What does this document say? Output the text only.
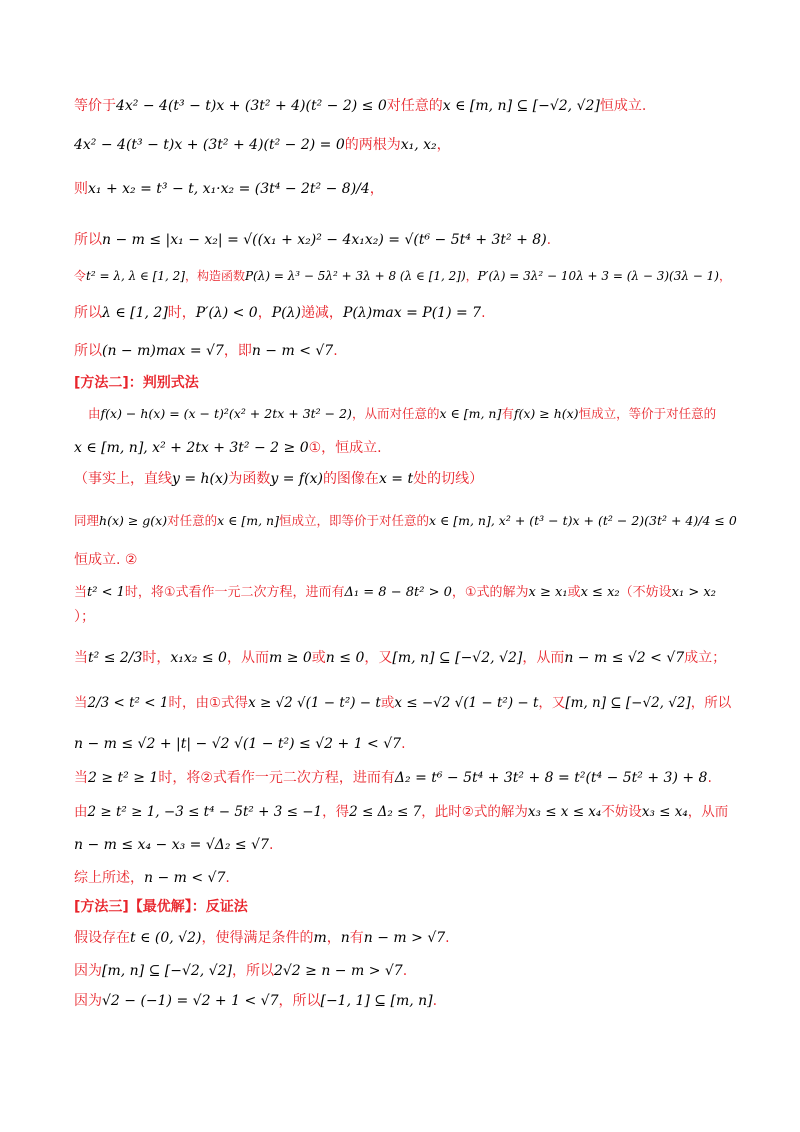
等价于4x² − 4(t³ − t)x + (3t² + 4)(t² − 2) ≤ 0对任意的x ∈ [m, n] ⊆ [−√2, √2]恒成立.
4x² − 4(t³ − t)x + (3t² + 4)(t² − 2) = 0的两根为x₁, x₂，
则x₁ + x₂ = t³ − t, x₁·x₂ = (3t⁴ − 2t² − 8)/4，
所以n − m ≤ |x₁ − x₂| = √((x₁ + x₂)² − 4x₁x₂) = √(t⁶ − 5t⁴ + 3t² + 8).
令t² = λ, λ ∈ [1, 2]，构造函数P(λ) = λ³ − 5λ² + 3λ + 8 (λ ∈ [1, 2])，P′(λ) = 3λ² − 10λ + 3 = (λ − 3)(3λ − 1)，
所以λ ∈ [1, 2]时，P′(λ) < 0，P(λ)递减，P(λ)max = P(1) = 7.
所以(n − m)max = √7，即n − m < √7.
[方法二]：判别式法
由f(x) − h(x) = (x − t)²(x² + 2tx + 3t² − 2)，从而对任意的x ∈ [m, n]有f(x) ≥ h(x)恒成立，等价于对任意的
x ∈ [m, n], x² + 2tx + 3t² − 2 ≥ 0①，恒成立.
（事实上，直线y = h(x)为函数y = f(x)的图像在x = t处的切线）
同理h(x) ≥ g(x)对任意的x ∈ [m, n]恒成立，即等价于对任意的x ∈ [m, n], x² + (t³ − t)x + (t² − 2)(3t² + 4)/4 ≤ 0
恒成立. ②
当t² < 1时，将①式看作一元二次方程，进而有Δ₁ = 8 − 8t² > 0，①式的解为x ≥ x₁或x ≤ x₂（不妨设x₁ > x₂
）；
当t² ≤ 2/3时，x₁x₂ ≤ 0，从而m ≥ 0或n ≤ 0，又[m, n] ⊆ [−√2, √2]，从而n − m ≤ √2 < √7成立；
当2/3 < t² < 1时，由①式得x ≥ √2 √(1 − t²) − t或x ≤ −√2 √(1 − t²) − t，又[m, n] ⊆ [−√2, √2]，所以
n − m ≤ √2 + |t| − √2 √(1 − t²) ≤ √2 + 1 < √7.
当2 ≥ t² ≥ 1时，将②式看作一元二次方程，进而有Δ₂ = t⁶ − 5t⁴ + 3t² + 8 = t²(t⁴ − 5t² + 3) + 8.
由2 ≥ t² ≥ 1, −3 ≤ t⁴ − 5t² + 3 ≤ −1，得2 ≤ Δ₂ ≤ 7，此时②式的解为x₃ ≤ x ≤ x₄不妨设x₃ ≤ x₄，从而
n − m ≤ x₄ − x₃ = √Δ₂ ≤ √7.
综上所述，n − m < √7.
[方法三]【最优解】：反证法
假设存在t ∈ (0, √2)，使得满足条件的m，n有n − m > √7.
因为[m, n] ⊆ [−√2, √2]，所以2√2 ≥ n − m > √7.
因为√2 − (−1) = √2 + 1 < √7，所以[−1, 1] ⊆ [m, n].
